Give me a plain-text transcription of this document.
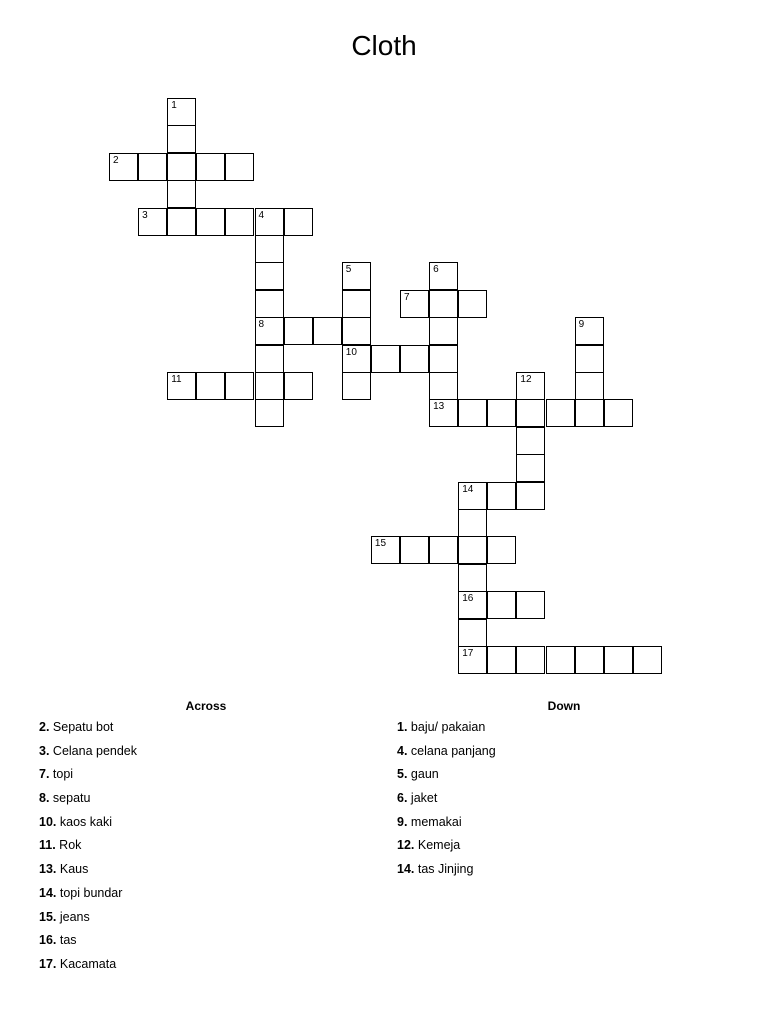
Cloth
1
2
3	4
8
5
10
6
13
7
9
11	12
14
16
17
15
Across	Down
2. Sepatu bot
3. Celana pendek
7. topi
8. sepatu
10. kaos kaki
11. Rok
13. Kaus
14. topi bundar
15. jeans
16. tas
17. Kacamata
1. baju/ pakaian
4. celana panjang
5. gaun
6. jaket
9. memakai
12. Kemeja
14. tas Jinjing
